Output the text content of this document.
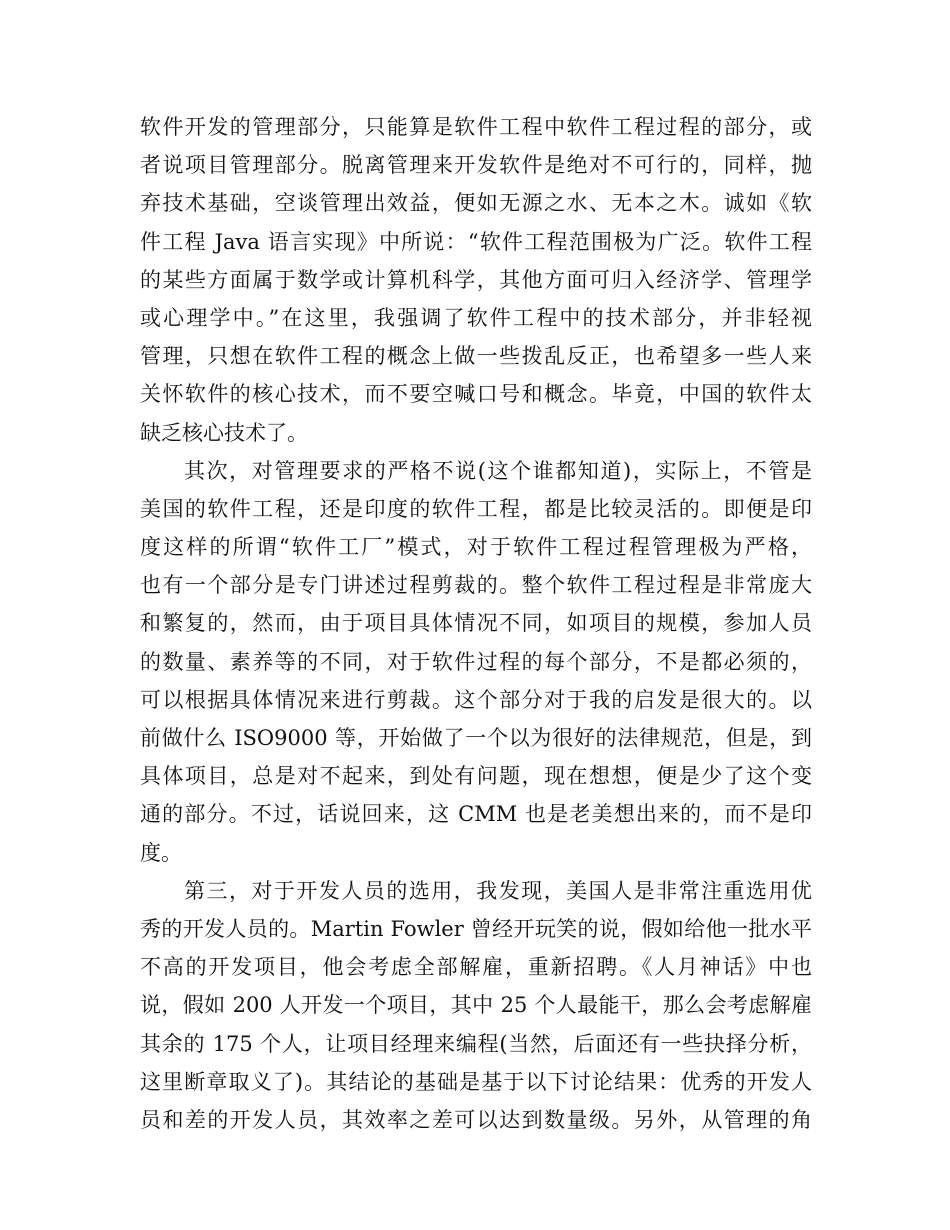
软件开发的管理部分，只能算是软件工程中软件工程过程的部分，或
者说项目管理部分。脱离管理来开发软件是绝对不可行的，同样，抛
弃技术基础，空谈管理出效益，便如无源之水、无本之木。诚如《软
件工程 Java 语言实现》中所说：“软件工程范围极为广泛。软件工程
的某些方面属于数学或计算机科学，其他方面可归入经济学、管理学
或心理学中。”在这里，我强调了软件工程中的技术部分，并非轻视
管理，只想在软件工程的概念上做一些拨乱反正，也希望多一些人来
关怀软件的核心技术，而不要空喊口号和概念。毕竟，中国的软件太
缺乏核心技术了。
其次，对管理要求的严格不说(这个谁都知道)，实际上，不管是
美国的软件工程，还是印度的软件工程，都是比较灵活的。即便是印
度这样的所谓“软件工厂”模式，对于软件工程过程管理极为严格，
也有一个部分是专门讲述过程剪裁的。整个软件工程过程是非常庞大
和繁复的，然而，由于项目具体情况不同，如项目的规模，参加人员
的数量、素养等的不同，对于软件过程的每个部分，不是都必须的，
可以根据具体情况来进行剪裁。这个部分对于我的启发是很大的。以
前做什么 ISO9000 等，开始做了一个以为很好的法律规范，但是，到
具体项目，总是对不起来，到处有问题，现在想想，便是少了这个变
通的部分。不过，话说回来，这 CMM 也是老美想出来的，而不是印
度。
第三，对于开发人员的选用，我发现，美国人是非常注重选用优
秀的开发人员的。Martin Fowler 曾经开玩笑的说，假如给他一批水平
不高的开发项目，他会考虑全部解雇，重新招聘。《人月神话》中也
说，假如 200 人开发一个项目，其中 25 个人最能干，那么会考虑解雇
其余的 175 个人，让项目经理来编程(当然，后面还有一些抉择分析，
这里断章取义了)。其结论的基础是基于以下讨论结果：优秀的开发人
员和差的开发人员，其效率之差可以达到数量级。另外，从管理的角
